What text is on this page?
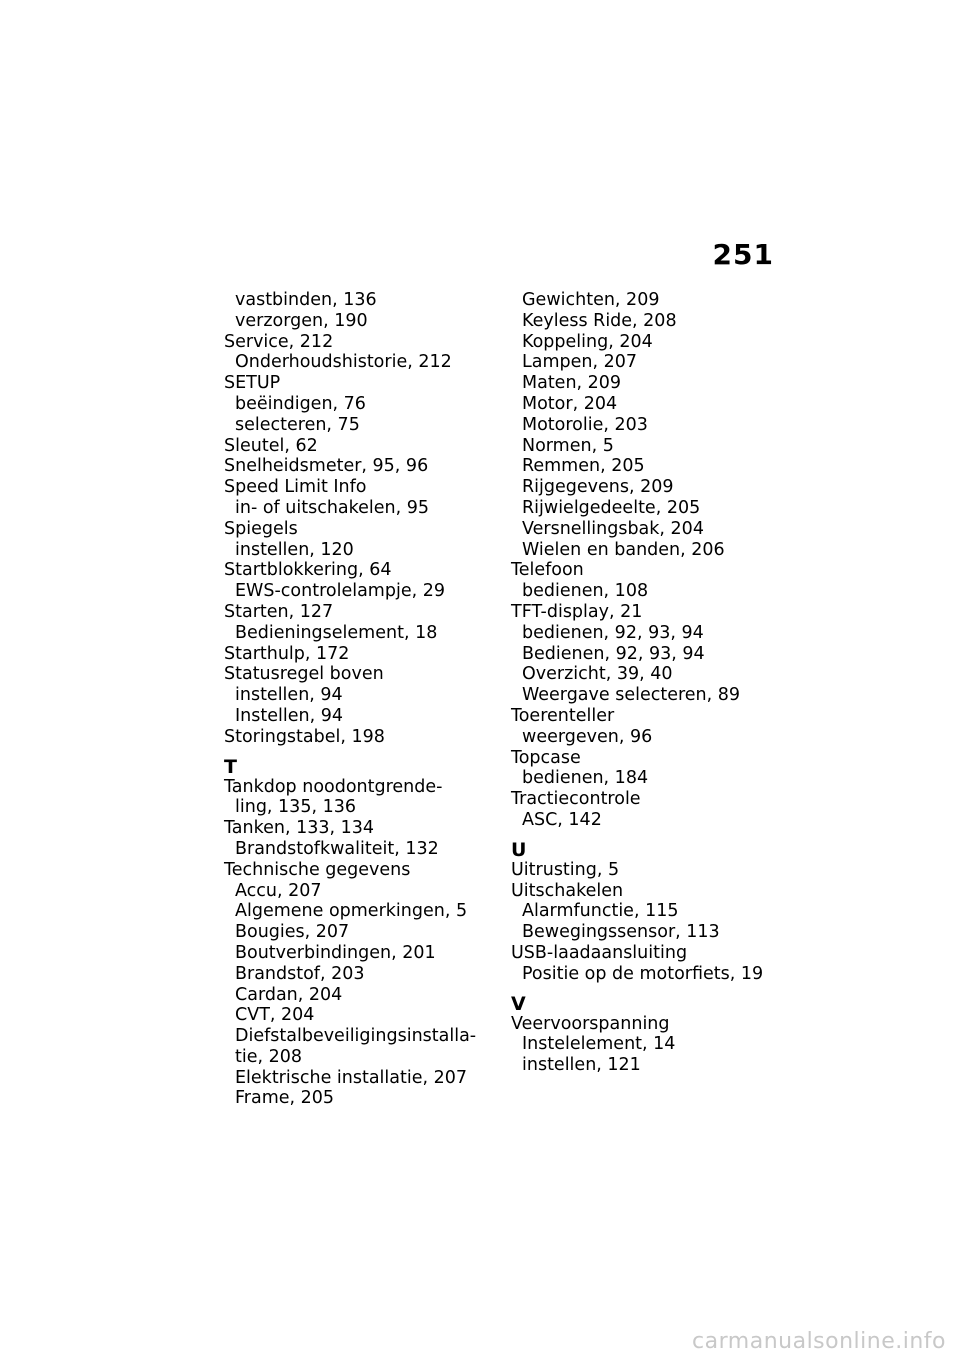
251
vastbinden, 136
verzorgen, 190
Service, 212
Onderhoudshistorie, 212
SETUP
beëindigen, 76
selecteren, 75
Sleutel, 62
Snelheidsmeter, 95, 96
Speed Limit Info
in- of uitschakelen, 95
Spiegels
instellen, 120
Startblokkering, 64
EWS-controlelampje, 29
Starten, 127
Bedieningselement, 18
Starthulp, 172
Statusregel boven
instellen, 94
Instellen, 94
Storingstabel, 198
T
Tankdop noodontgrende-
ling, 135, 136
Tanken, 133, 134
Brandstofkwaliteit, 132
Technische gegevens
Accu, 207
Algemene opmerkingen, 5
Bougies, 207
Boutverbindingen, 201
Brandstof, 203
Cardan, 204
CVT, 204
Diefstalbeveiligingsinstalla-
tie, 208
Elektrische installatie, 207
Frame, 205
Gewichten, 209
Keyless Ride, 208
Koppeling, 204
Lampen, 207
Maten, 209
Motor, 204
Motorolie, 203
Normen, 5
Remmen, 205
Rijgegevens, 209
Rijwielgedeelte, 205
Versnellingsbak, 204
Wielen en banden, 206
Telefoon
bedienen, 108
TFT-display, 21
bedienen, 92, 93, 94
Bedienen, 92, 93, 94
Overzicht, 39, 40
Weergave selecteren, 89
Toerenteller
weergeven, 96
Topcase
bedienen, 184
Tractiecontrole
ASC, 142
U
Uitrusting, 5
Uitschakelen
Alarmfunctie, 115
Bewegingssensor, 113
USB-laadaansluiting
Positie op de motorfiets, 19
V
Veervoorspanning
Instelelement, 14
instellen, 121
carmanualsonline.info
